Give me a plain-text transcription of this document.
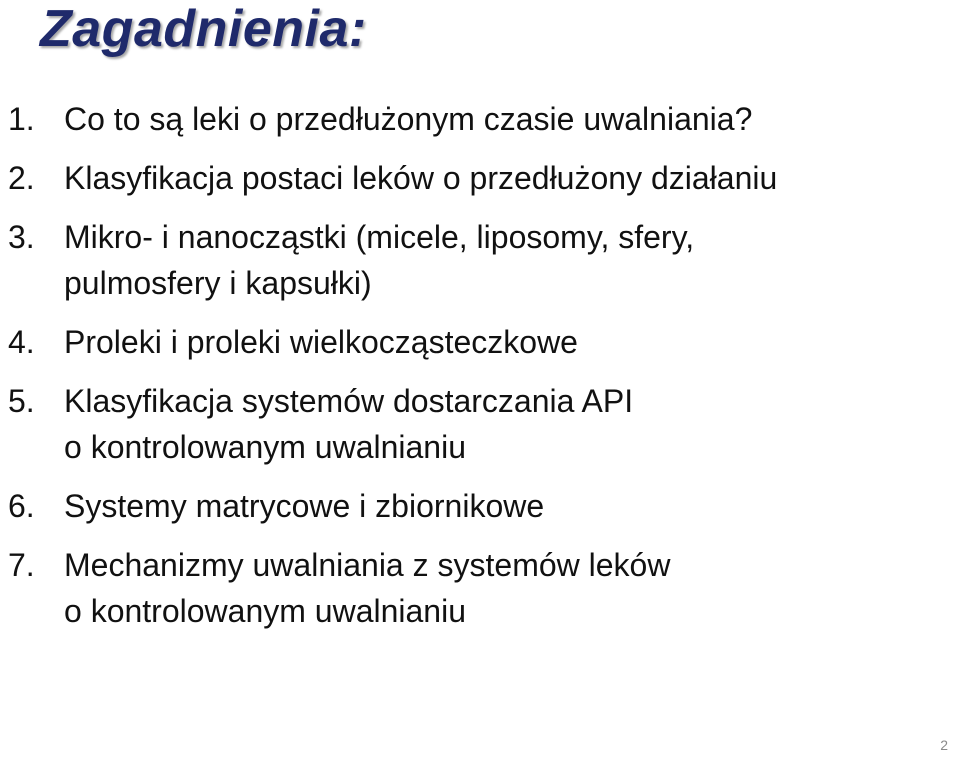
Zagadnienia:
1. Co to są leki o przedłużonym czasie uwalniania?
2. Klasyfikacja postaci leków o przedłużony działaniu
3. Mikro- i nanocząstki (micele, liposomy, sfery,
pulmosfery i kapsułki)
4. Proleki i proleki wielkocząsteczkowe
5. Klasyfikacja systemów dostarczania API
o kontrolowanym uwalnianiu
6. Systemy matrycowe i zbiornikowe
7. Mechanizmy uwalniania z systemów leków
o kontrolowanym uwalnianiu
2
